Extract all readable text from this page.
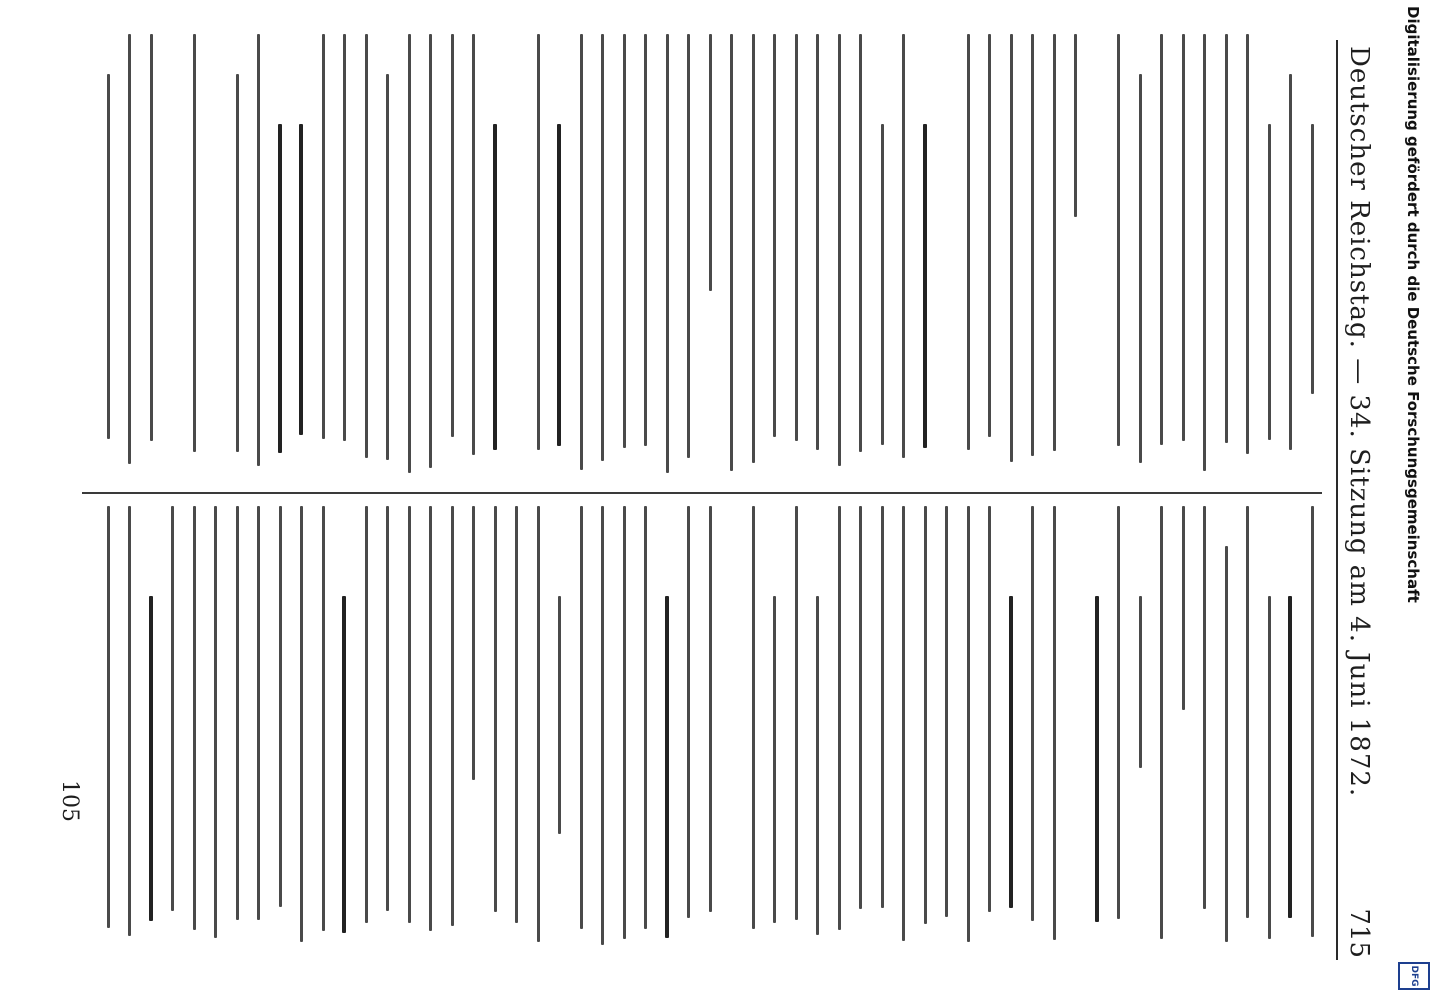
Deutscher Reichstag. — 34. Sitzung am 4. Juni 1872.
715
105
Digitalisierung gefördert durch die Deutsche Forschungsgemeinschaft
DFG
